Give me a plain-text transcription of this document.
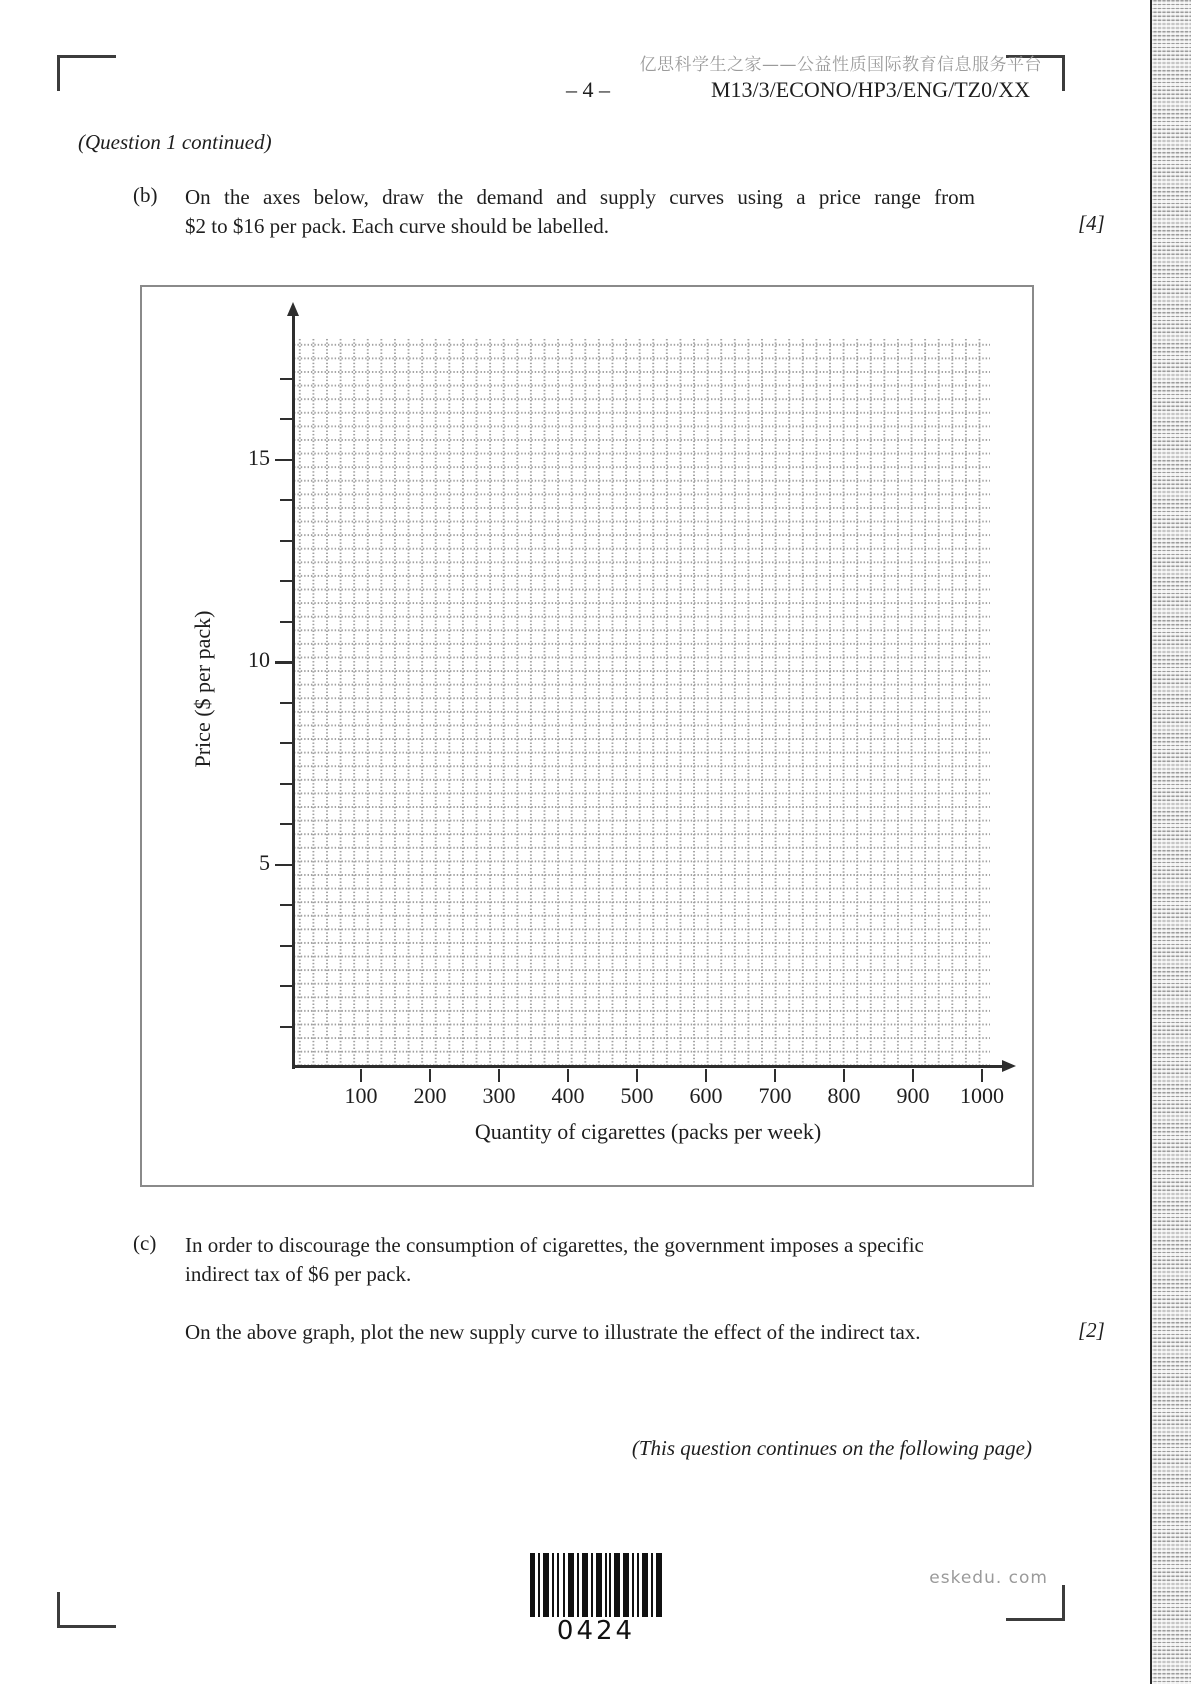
亿思科学生之家——公益性质国际教育信息服务平台
– 4 –	M13/3/ECONO/HP3/ENG/TZ0/XX
(Question 1 continued)
(b) On the axes below, draw the demand and supply curves using a price range from
$2 to $16 per pack. Each curve should be labelled.	[4]
Price ($ per pack)
Quantity of cigarettes (packs per week)
100	200	300	400	500	600	700	800	900	1000
5
10
15
(c) In order to discourage the consumption of cigarettes, the government imposes a specific
indirect tax of $6 per pack.
On the above graph, plot the new supply curve to illustrate the effect of the indirect tax.	[2]
(This question continues on the following page)
0424
eskedu. com
